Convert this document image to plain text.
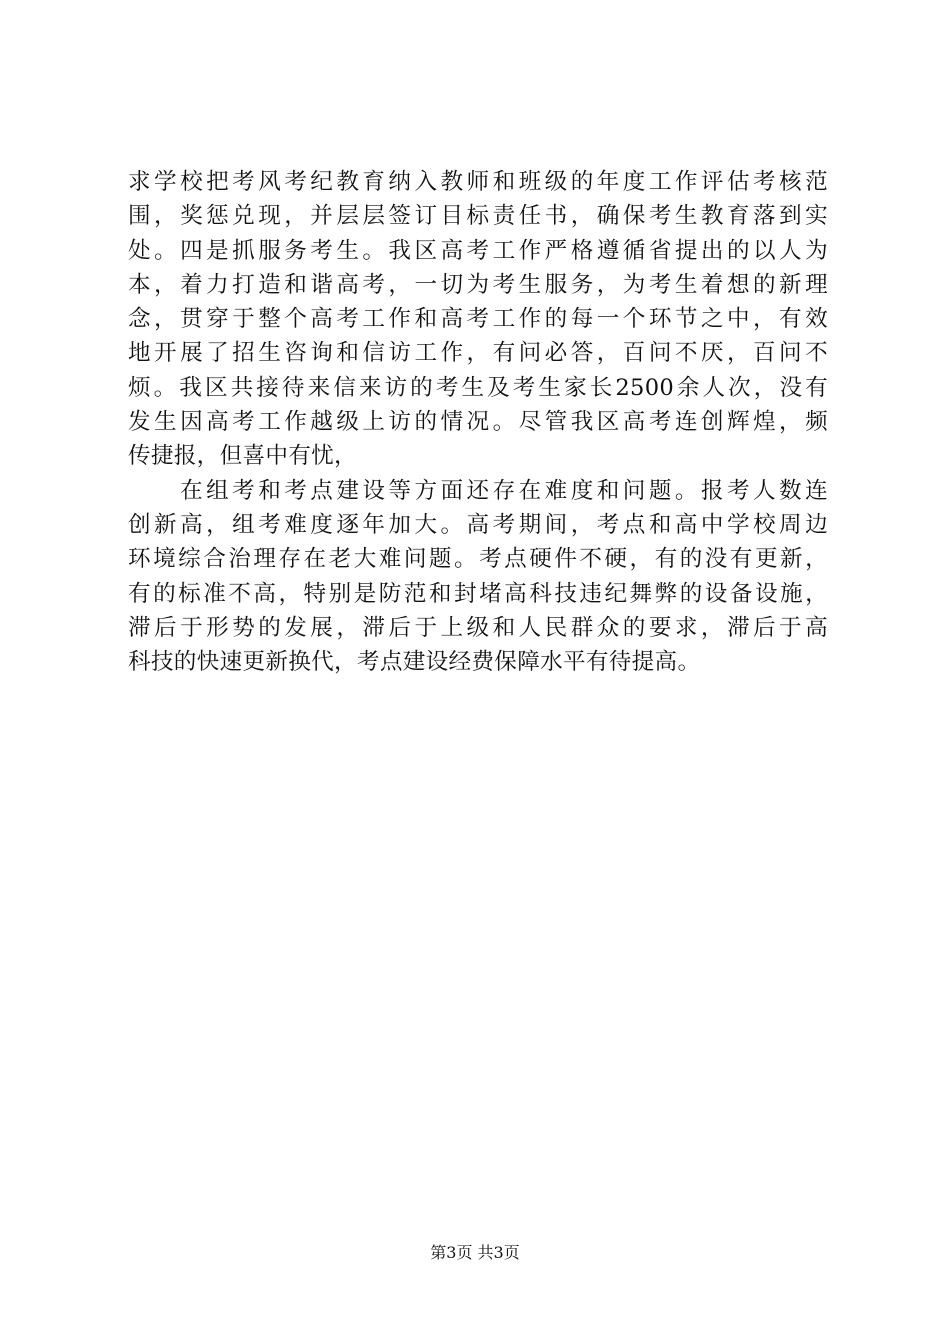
求学校把考风考纪教育纳入教师和班级的年度工作评估考核范
围，奖惩兑现，并层层签订目标责任书，确保考生教育落到实
处。四是抓服务考生。我区高考工作严格遵循省提出的以人为
本，着力打造和谐高考，一切为考生服务，为考生着想的新理
念，贯穿于整个高考工作和高考工作的每一个环节之中，有效
地开展了招生咨询和信访工作，有问必答，百问不厌，百问不
烦。我区共接待来信来访的考生及考生家长2500余人次，没有
发生因高考工作越级上访的情况。尽管我区高考连创辉煌，频
传捷报，但喜中有忧，
　　在组考和考点建设等方面还存在难度和问题。报考人数连
创新高，组考难度逐年加大。高考期间，考点和高中学校周边
环境综合治理存在老大难问题。考点硬件不硬，有的没有更新，
有的标准不高，特别是防范和封堵高科技违纪舞弊的设备设施，
滞后于形势的发展，滞后于上级和人民群众的要求，滞后于高
科技的快速更新换代，考点建设经费保障水平有待提高。
第3页 共3页
